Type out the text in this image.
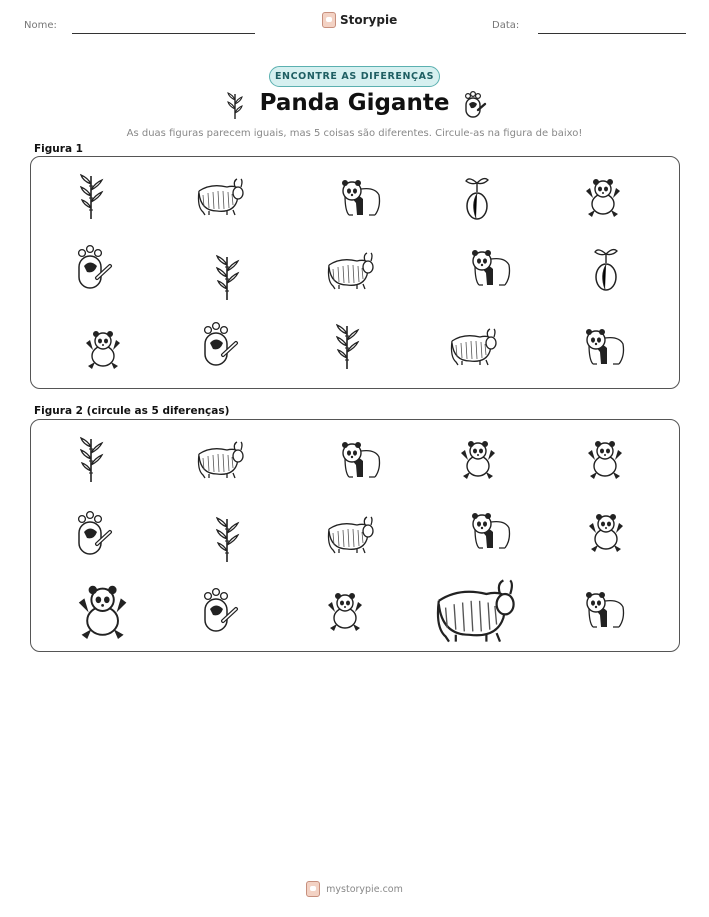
Nome:	Storypie	Data:
ENCONTRE AS DIFERENÇAS
Panda Gigante
As duas figuras parecem iguais, mas 5 coisas são diferentes. Circule-as na figura de baixo!
Figura 1
Figura 2 (circule as 5 diferenças)
mystorypie.com
